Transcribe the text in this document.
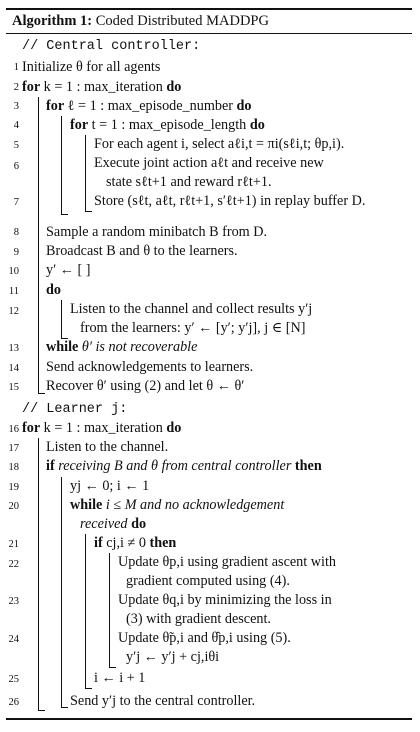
Algorithm 1: Coded Distributed MADDPG
// Central controller:
1 Initialize θ for all agents
2 for k = 1 : max_iteration do
3 for ℓ = 1 : max_episode_number do
4	for t = 1 : max_episode_length do
5	For each agent i, select aℓi,t = πi(sℓi,t; θp,i).
6	Execute joint action aℓt and receive new
state sℓt+1 and reward rℓt+1.
7	Store (sℓt, aℓt, rℓt+1, s′ℓt+1) in replay buffer D.
8 Sample a random minibatch B from D.
9 Broadcast B and θ to the learners.
10 y′ ← [ ]
11 do
12	Listen to the channel and collect results y′j
from the learners: y′ ← [y′; y′j], j ∈ [N]
13 while θ′ is not recoverable
14 Send acknowledgements to learners.
15 Recover θ′ using (2) and let θ ← θ′
// Learner j:
16 for k = 1 : max_iteration do
17 Listen to the channel.
18 if receiving B and θ from central controller then
19	yj ← 0; i ← 1
20	while i ≤ M and no acknowledgement
received do
21	if cj,i ≠ 0 then
22	Update θp,i using gradient ascent with
gradient computed using (4).
23	Update θq,i by minimizing the loss in
(3) with gradient descent.
24	Update θ̃p,i and θ̂p,i using (5).
y′j ← y′j + cj,iθi
25	i ← i + 1
26	Send y′j to the central controller.
